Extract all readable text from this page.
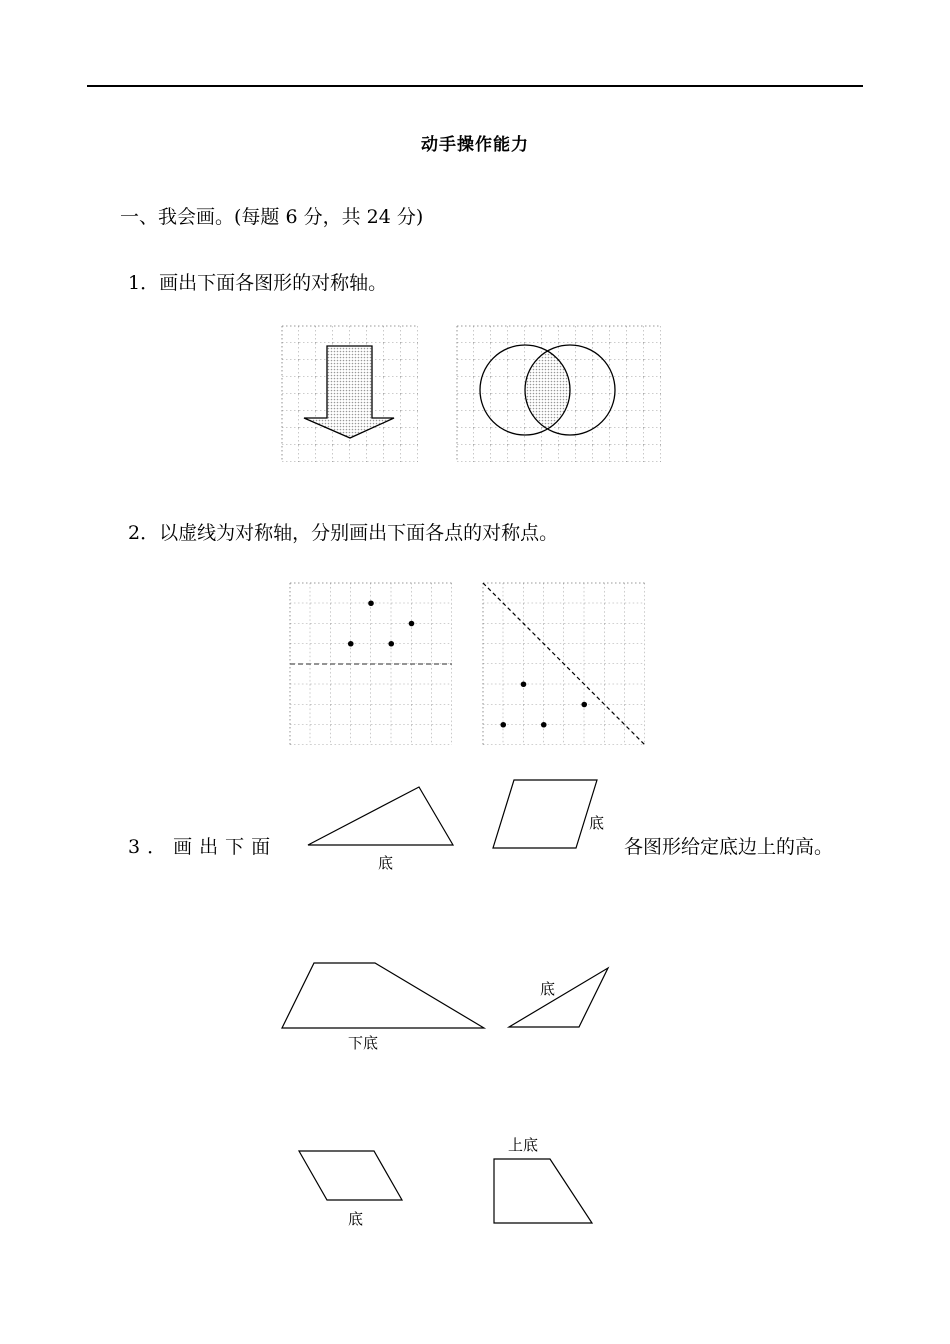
动手操作能力
一、我会画。(每题 6 分，共 24 分)
1．画出下面各图形的对称轴。
2．以虚线为对称轴，分别画出下面各点的对称点。
3．画出下面	各图形给定底边上的高。
底
底
下底
底
底
上底
